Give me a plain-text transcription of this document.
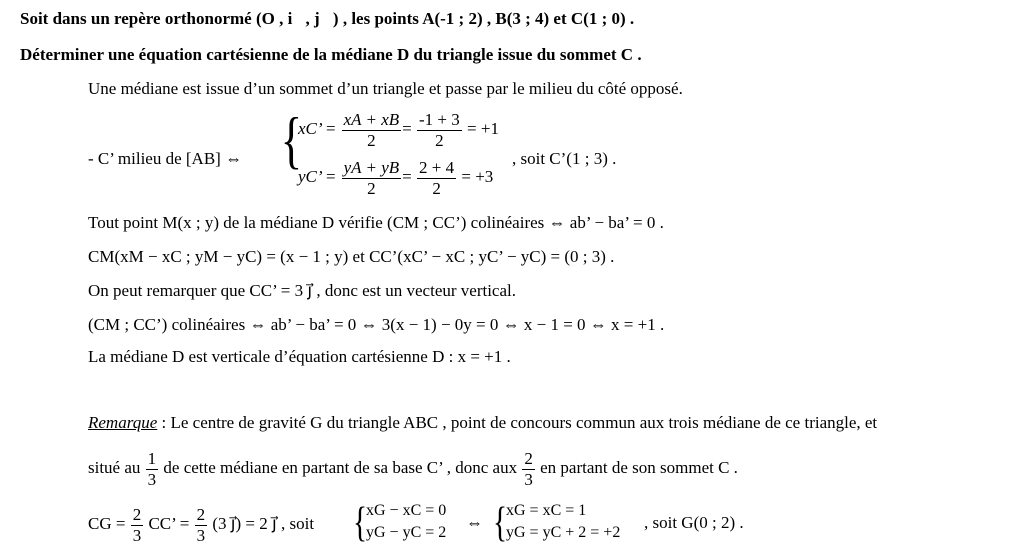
Soit dans un repère orthonormé (O , i⃗, j⃗) , les points A(-1 ; 2) , B(3 ; 4) et C(1 ; 0) .
Déterminer une équation cartésienne de la médiane D du triangle issue du sommet C .
Une médiane est issue d’un sommet d’un triangle et passe par le milieu du côté opposé.
- C’ milieu de [AB] ⇔ {
xC’ = $\frac{xA + xB}{2} = \frac{-1 + 3}{2} = +1$
yC’ = $\frac{yA + yB}{2} = \frac{2 + 4}{2} = +3$
, soit C’(1 ; 3) .
Tout point M(x ; y) de la médiane D vérifie (CM ; CC’) colinéaires ⇔ ab’ − ba’ = 0 .
CM(xM − xC ; yM − yC) = (x − 1 ; y) et CC’(xC’ − xC ; yC’ − yC) = (0 ; 3) .
On peut remarquer que CC’ = 3 j⃗ , donc est un vecteur vertical.
(CM ; CC’) colinéaires ⇔ ab’ − ba’ = 0 ⇔ 3(x − 1) − 0y = 0 ⇔ x − 1 = 0 ⇔ x = +1 .
La médiane D est verticale d’équation cartésienne D : x = +1 .
Remarque : Le centre de gravité G du triangle ABC , point de concours commun aux trois médiane de ce triangle, et
situé au $\frac{1}{3}$ de cette médiane en partant de sa base C’ , donc aux $\frac{2}{3}$ en partant de son sommet C .
CG = $\frac{2}{3}$ CC’ = $\frac{2}{3} (3$ j⃗) = 2 j⃗ , soit {
xG − xC = 0
yG − yC = 2
⇔ {
xG = xC = 1
yG = yC + 2 = +2
, soit G(0 ; 2) .
